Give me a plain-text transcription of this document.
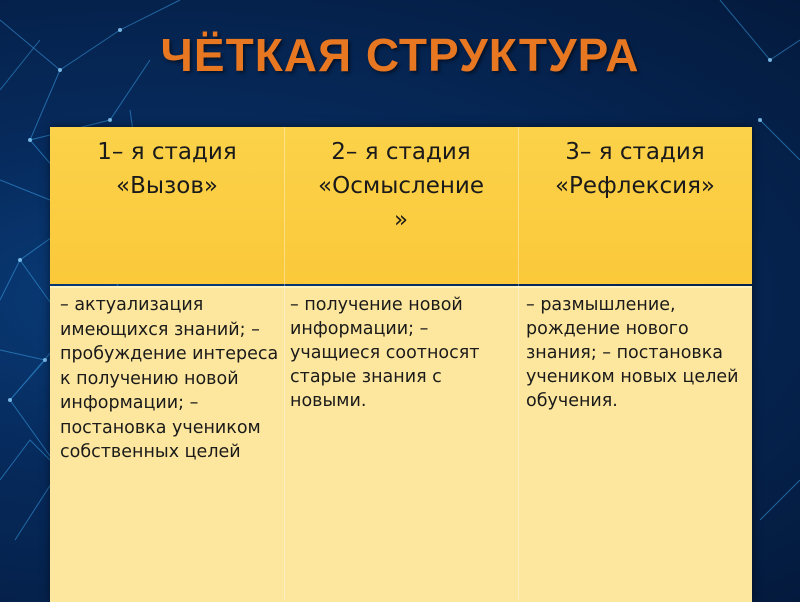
ЧЁТКАЯ СТРУКТУРА
1– я стадия
«Вызов»
2– я стадия
«Осмысление
»
3– я стадия
«Рефлексия»
– актуализация имеющихся знаний; – пробуждение интереса к получению новой информации; – постановка учеником собственных целей
– получение новой информации; – учащиеся соотносят старые знания с новыми.
– размышление, рождение нового знания; – постановка учеником новых целей обучения.
